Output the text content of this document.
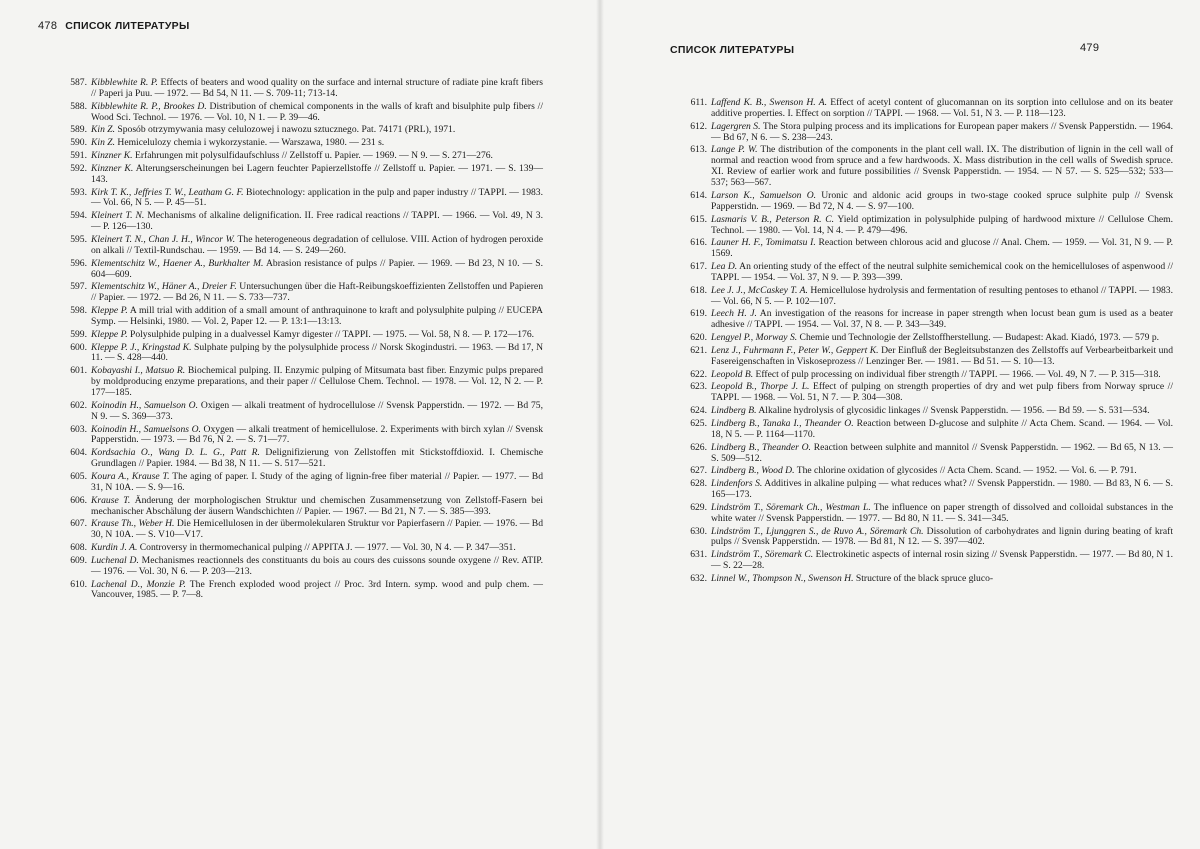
478 СПИСОК ЛИТЕРАТУРЫ
587. Kibblewhite R. P. Effects of beaters and wood quality on the surface and internal structure of radiate pine kraft fibers // Paperi ja Puu. — 1972. — Bd 54, N 11. — S. 709-11; 713-14.
588. Kibblewhite R. P., Brookes D. Distribution of chemical components in the walls of kraft and bisulphite pulp fibers // Wood Sci. Technol. — 1976. — Vol. 10, N 1. — P. 39—46.
589. Kin Z. Sposób otrzymywania masy celulozowej i nawozu sztucznego. Pat. 74171 (PRL), 1971.
590. Kin Z. Hemicelulozy chemia i wykorzystanie. — Warszawa, 1980. — 231 s.
591. Kinzner K. Erfahrungen mit polysulfidaufschluss // Zellstoff u. Papier. — 1969. — N 9. — S. 271—276.
592. Kinzner K. Alterungserscheinungen bei Lagern feuchter Papierzellstoffe // Zellstoff u. Papier. — 1971. — S. 139—143.
593. Kirk T. K., Jeffries T. W., Leatham G. F. Biotechnology: application in the pulp and paper industry // TAPPI. — 1983. — Vol. 66, N 5. — P. 45—51.
594. Kleinert T. N. Mechanisms of alkaline delignification. II. Free radical reactions // TAPPI. — 1966. — Vol. 49, N 3. — P. 126—130.
595. Kleinert T. N., Chan J. H., Wincor W. The heterogeneous degradation of cellulose. VIII. Action of hydrogen peroxide on alkali // Textil-Rundschau. — 1959. — Bd 14. — S. 249—260.
596. Klementschitz W., Haener A., Burkhalter M. Abrasion resistance of pulps // Papier. — 1969. — Bd 23, N 10. — S. 604—609.
597. Klementschitz W., Häner A., Dreier F. Untersuchungen über die Haft-Reibungskoeffizienten Zellstoffen und Papieren // Papier. — 1972. — Bd 26, N 11. — S. 733—737.
598. Kleppe P. A mill trial with addition of a small amount of anthraquinone to kraft and polysulphite pulping // EUCEPA Symp. — Helsinki, 1980. — Vol. 2, Paper 12. — P. 13:1—13:13.
599. Kleppe P. Polysulphide pulping in a dualvessel Kamyr digester // TAPPI. — 1975. — Vol. 58, N 8. — P. 172—176.
600. Kleppe P. J., Kringstad K. Sulphate pulping by the polysulphide process // Norsk Skogindustri. — 1963. — Bd 17, N 11. — S. 428—440.
601. Kobayashi I., Matsuo R. Biochemical pulping. II. Enzymic pulping of Mitsumata bast fiber. Enzymic pulps prepared by moldproducing enzyme preparations, and their paper // Cellulose Chem. Technol. — 1978. — Vol. 12, N 2. — P. 177—185.
602. Koinodin H., Samuelson O. Oxigen — alkali treatment of hydrocellulose // Svensk Papperstidn. — 1972. — Bd 75, N 9. — S. 369—373.
603. Koinodin H., Samuelsons O. Oxygen — alkali treatment of hemicellulose. 2. Experiments with birch xylan // Svensk Papperstidn. — 1973. — Bd 76, N 2. — S. 71—77.
604. Kordsachia O., Wang D. L. G., Patt R. Delignifizierung von Zellstoffen mit Stickstoffdioxid. I. Chemische Grundlagen // Papier. 1984. — Bd 38, N 11. — S. 517—521.
605. Koura A., Krause T. The aging of paper. I. Study of the aging of lignin-free fiber material // Papier. — 1977. — Bd 31, N 10A. — S. 9—16.
606. Krause T. Änderung der morphologischen Struktur und chemischen Zusammensetzung von Zellstoff-Fasern bei mechanischer Abschälung der äusern Wandschichten // Papier. — 1967. — Bd 21, N 7. — S. 385—393.
607. Krause Th., Weber H. Die Hemicellulosen in der übermolekularen Struktur vor Papierfasern // Papier. — 1976. — Bd 30, N 10A. — S. V10—V17.
608. Kurdin J. A. Controversy in thermomechanical pulping // APPITA J. — 1977. — Vol. 30, N 4. — P. 347—351.
609. Luchenal D. Mechanismes reactionnels des constituants du bois au cours des cuissons sounde oxygene // Rev. ATIP. — 1976. — Vol. 30, N 6. — P. 203—213.
610. Lachenal D., Monzie P. The French exploded wood project // Proc. 3rd Intern. symp. wood and pulp chem. — Vancouver, 1985. — P. 7—8.
СПИСОК ЛИТЕРАТУРЫ	479
611. Laffend K. B., Swenson H. A. Effect of acetyl content of glucomannan on its sorption into cellulose and on its beater additive properties. I. Effect on sorption // TAPPI. — 1968. — Vol. 51, N 3. — P. 118—123.
612. Lagergren S. The Stora pulping process and its implications for European paper makers // Svensk Papperstidn. — 1964. — Bd 67, N 6. — S. 238—243.
613. Lange P. W. The distribution of the components in the plant cell wall. IX. The distribution of lignin in the cell wall of normal and reaction wood from spruce and a few hardwoods. X. Mass distribution in the cell walls of Swedish spruce. XI. Review of earlier work and future possibilities // Svensk Papperstidn. — 1954. — N 57. — S. 525—532; 533—537; 563—567.
614. Larson K., Samuelson O. Uronic and aldonic acid groups in two-stage cooked spruce sulphite pulp // Svensk Papperstidn. — 1969. — Bd 72, N 4. — S. 97—100.
615. Lasmaris V. B., Peterson R. C. Yield optimization in polysulphide pulping of hardwood mixture // Cellulose Chem. Technol. — 1980. — Vol. 14, N 4. — P. 479—496.
616. Launer H. F., Tomimatsu I. Reaction between chlorous acid and glucose // Anal. Chem. — 1959. — Vol. 31, N 9. — P. 1569.
617. Lea D. An orienting study of the effect of the neutral sulphite semichemical cook on the hemicelluloses of aspenwood // TAPPI. — 1954. — Vol. 37, N 9. — P. 393—399.
618. Lee J. J., McCaskey T. A. Hemicellulose hydrolysis and fermentation of resulting pentoses to ethanol // TAPPI. — 1983. — Vol. 66, N 5. — P. 102—107.
619. Leech H. J. An investigation of the reasons for increase in paper strength when locust bean gum is used as a beater adhesive // TAPPI. — 1954. — Vol. 37, N 8. — P. 343—349.
620. Lengyel P., Morway S. Chemie und Technologie der Zellstoffherstellung. — Budapest: Akad. Kiadó, 1973. — 579 p.
621. Lenz J., Fuhrmann F., Peter W., Geppert K. Der Einfluß der Begleitsubstanzen des Zellstoffs auf Verbearbeitbarkeit und Fasereigenschaften in Viskoseprozess // Lenzinger Ber. — 1981. — Bd 51. — S. 10—13.
622. Leopold B. Effect of pulp processing on individual fiber strength // TAPPI. — 1966. — Vol. 49, N 7. — P. 315—318.
623. Leopold B., Thorpe J. L. Effect of pulping on strength properties of dry and wet pulp fibers from Norway spruce // TAPPI. — 1968. — Vol. 51, N 7. — P. 304—308.
624. Lindberg B. Alkaline hydrolysis of glycosidic linkages // Svensk Papperstidn. — 1956. — Bd 59. — S. 531—534.
625. Lindberg B., Tanaka I., Theander O. Reaction between D-glucose and sulphite // Acta Chem. Scand. — 1964. — Vol. 18, N 5. — P. 1164—1170.
626. Lindberg B., Theander O. Reaction between sulphite and mannitol // Svensk Papperstidn. — 1962. — Bd 65, N 13. — S. 509—512.
627. Lindberg B., Wood D. The chlorine oxidation of glycosides // Acta Chem. Scand. — 1952. — Vol. 6. — P. 791.
628. Lindenfors S. Additives in alkaline pulping — what reduces what? // Svensk Papperstidn. — 1980. — Bd 83, N 6. — S. 165—173.
629. Lindström T., Söremark Ch., Westman L. The influence on paper strength of dissolved and colloidal substances in the white water // Svensk Papperstidn. — 1977. — Bd 80, N 11. — S. 341—345.
630. Lindström T., Ljunggren S., de Ruvo A., Söremark Ch. Dissolution of carbohydrates and lignin during beating of kraft pulps // Svensk Papperstidn. — 1978. — Bd 81, N 12. — S. 397—402.
631. Lindström T., Söremark C. Electrokinetic aspects of internal rosin sizing // Svensk Papperstidn. — 1977. — Bd 80, N 1. — S. 22—28.
632. Linnel W., Thompson N., Swenson H. Structure of the black spruce gluco-
